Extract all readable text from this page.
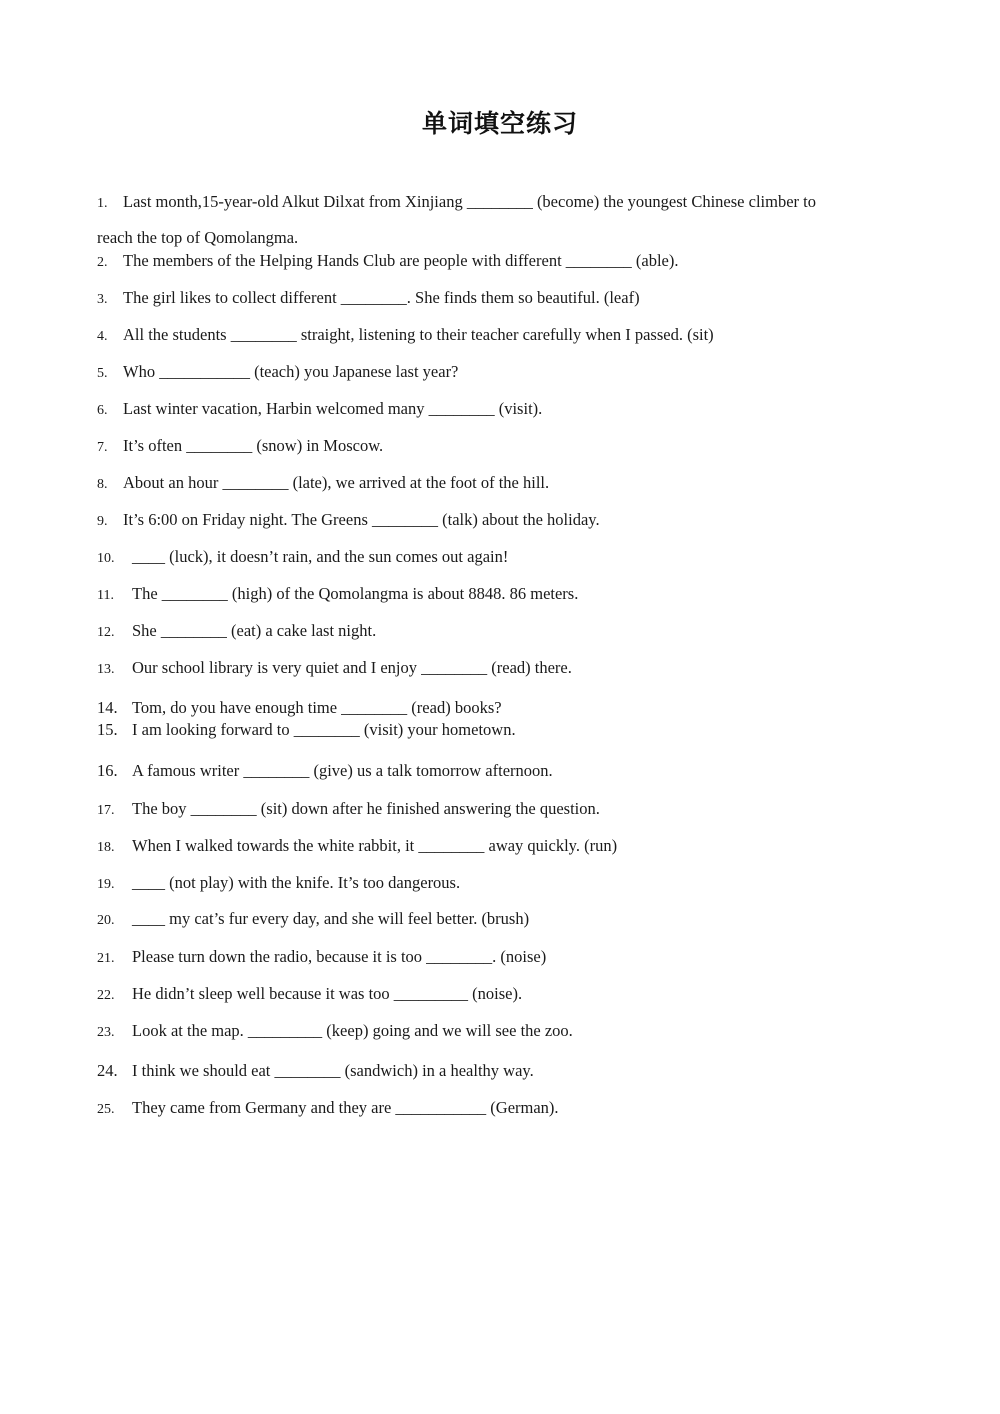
单词填空练习
1. Last month,15-year-old Alkut Dilxat from Xinjiang ________ (become) the youngest Chinese climber to
reach the top of Qomolangma.
2. The members of the Helping Hands Club are people with different ________ (able).
3. The girl likes to collect different ________. She finds them so beautiful. (leaf)
4. All the students ________ straight, listening to their teacher carefully when I passed. (sit)
5. Who ___________ (teach) you Japanese last year?
6. Last winter vacation, Harbin welcomed many ________ (visit).
7. It’s often ________ (snow) in Moscow.
8. About an hour ________ (late), we arrived at the foot of the hill.
9. It’s 6:00 on Friday night. The Greens ________ (talk) about the holiday.
10. ____ (luck), it doesn’t rain, and the sun comes out again!
11. The ________ (high) of the Qomolangma is about 8848. 86 meters.
12. She ________ (eat) a cake last night.
13. Our school library is very quiet and I enjoy ________ (read) there.
14. Tom, do you have enough time ________ (read) books?
15. I am looking forward to ________ (visit) your hometown.
16. A famous writer ________ (give) us a talk tomorrow afternoon.
17. The boy ________ (sit) down after he finished answering the question.
18. When I walked towards the white rabbit, it ________ away quickly. (run)
19. ____ (not play) with the knife. It’s too dangerous.
20. ____ my cat’s fur every day, and she will feel better. (brush)
21. Please turn down the radio, because it is too ________. (noise)
22. He didn’t sleep well because it was too _________ (noise).
23. Look at the map. _________ (keep) going and we will see the zoo.
24. I think we should eat ________ (sandwich) in a healthy way.
25. They came from Germany and they are ___________ (German).
